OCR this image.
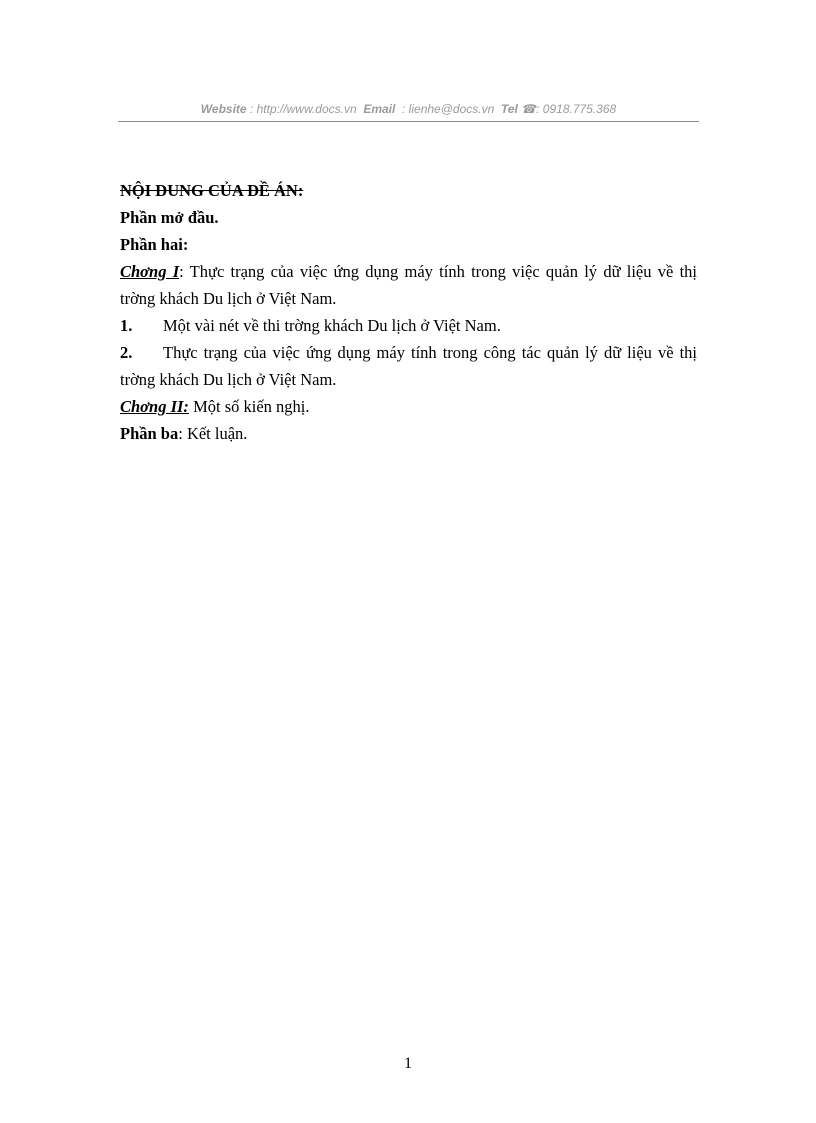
Website : http://www.docs.vn Email : lienhe@docs.vn Tel ☎: 0918.775.368
NỘI DUNG CỦA ĐỀ ÁN:
Phần mở đầu.
Phần hai:
Chơng I: Thực trạng của việc ứng dụng máy tính trong việc quản lý dữ liệu về thị trờng khách Du lịch ở Việt Nam.
1. Một vài nét về thi trờng khách Du lịch ở Việt Nam.
2. Thực trạng của việc ứng dụng máy tính trong công tác quản lý dữ liệu về thị trờng khách Du lịch ở Việt Nam.
Chơng II: Một số kiến nghị.
Phần ba: Kết luận.
1
